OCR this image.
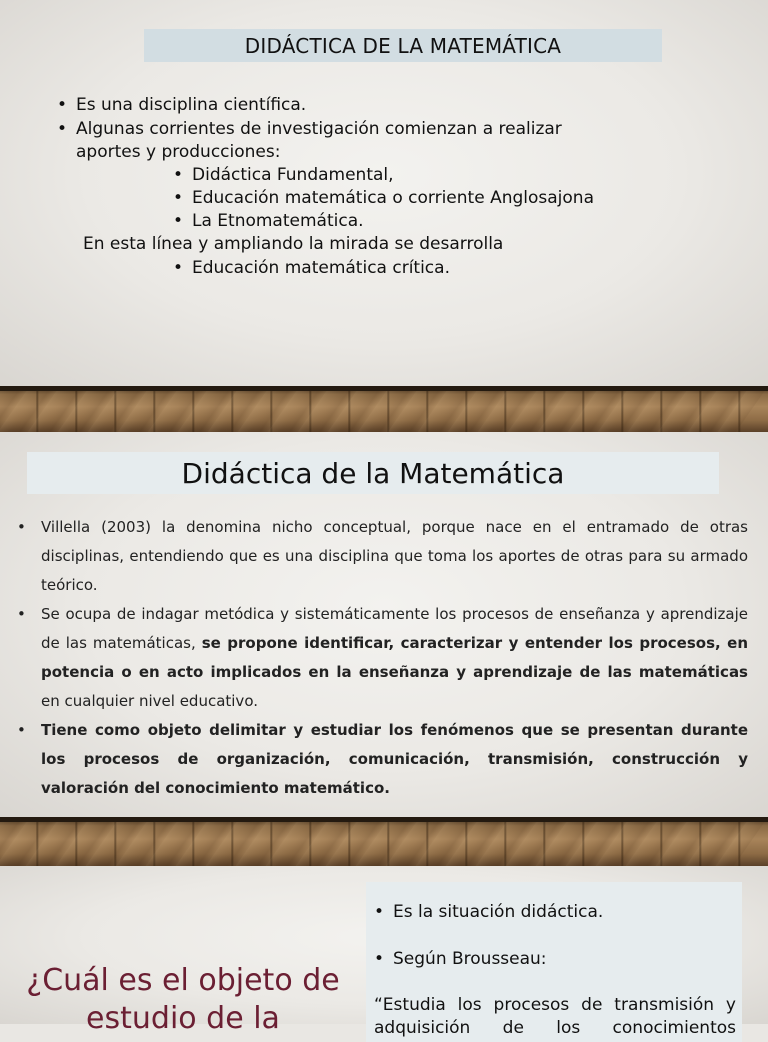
DIDÁCTICA DE LA MATEMÁTICA
• Es una disciplina científica.
• Algunas corrientes de investigación comienzan a realizar
aportes y producciones:
• Didáctica Fundamental,
• Educación matemática o corriente Anglosajona
• La Etnomatemática.
En esta línea y ampliando la mirada se desarrolla
• Educación matemática crítica.
Didáctica de la Matemática
• Villella (2003) la denomina nicho conceptual, porque nace en el entramado de otras disciplinas, entendiendo que es una disciplina que toma los aportes de otras para su armado teórico.
• Se ocupa de indagar metódica y sistemáticamente los procesos de enseñanza y aprendizaje de las matemáticas, se propone identificar, caracterizar y entender los procesos, en potencia o en acto implicados en la enseñanza y aprendizaje de las matemáticas en cualquier nivel educativo.
• Tiene como objeto delimitar y estudiar los fenómenos que se presentan durante los procesos de organización, comunicación, transmisión, construcción y valoración del conocimiento matemático.
¿Cuál es el objeto de estudio de la

• Es la situación didáctica.

• Según Brousseau:

“Estudia los procesos de transmisión y adquisición de los conocimientos
